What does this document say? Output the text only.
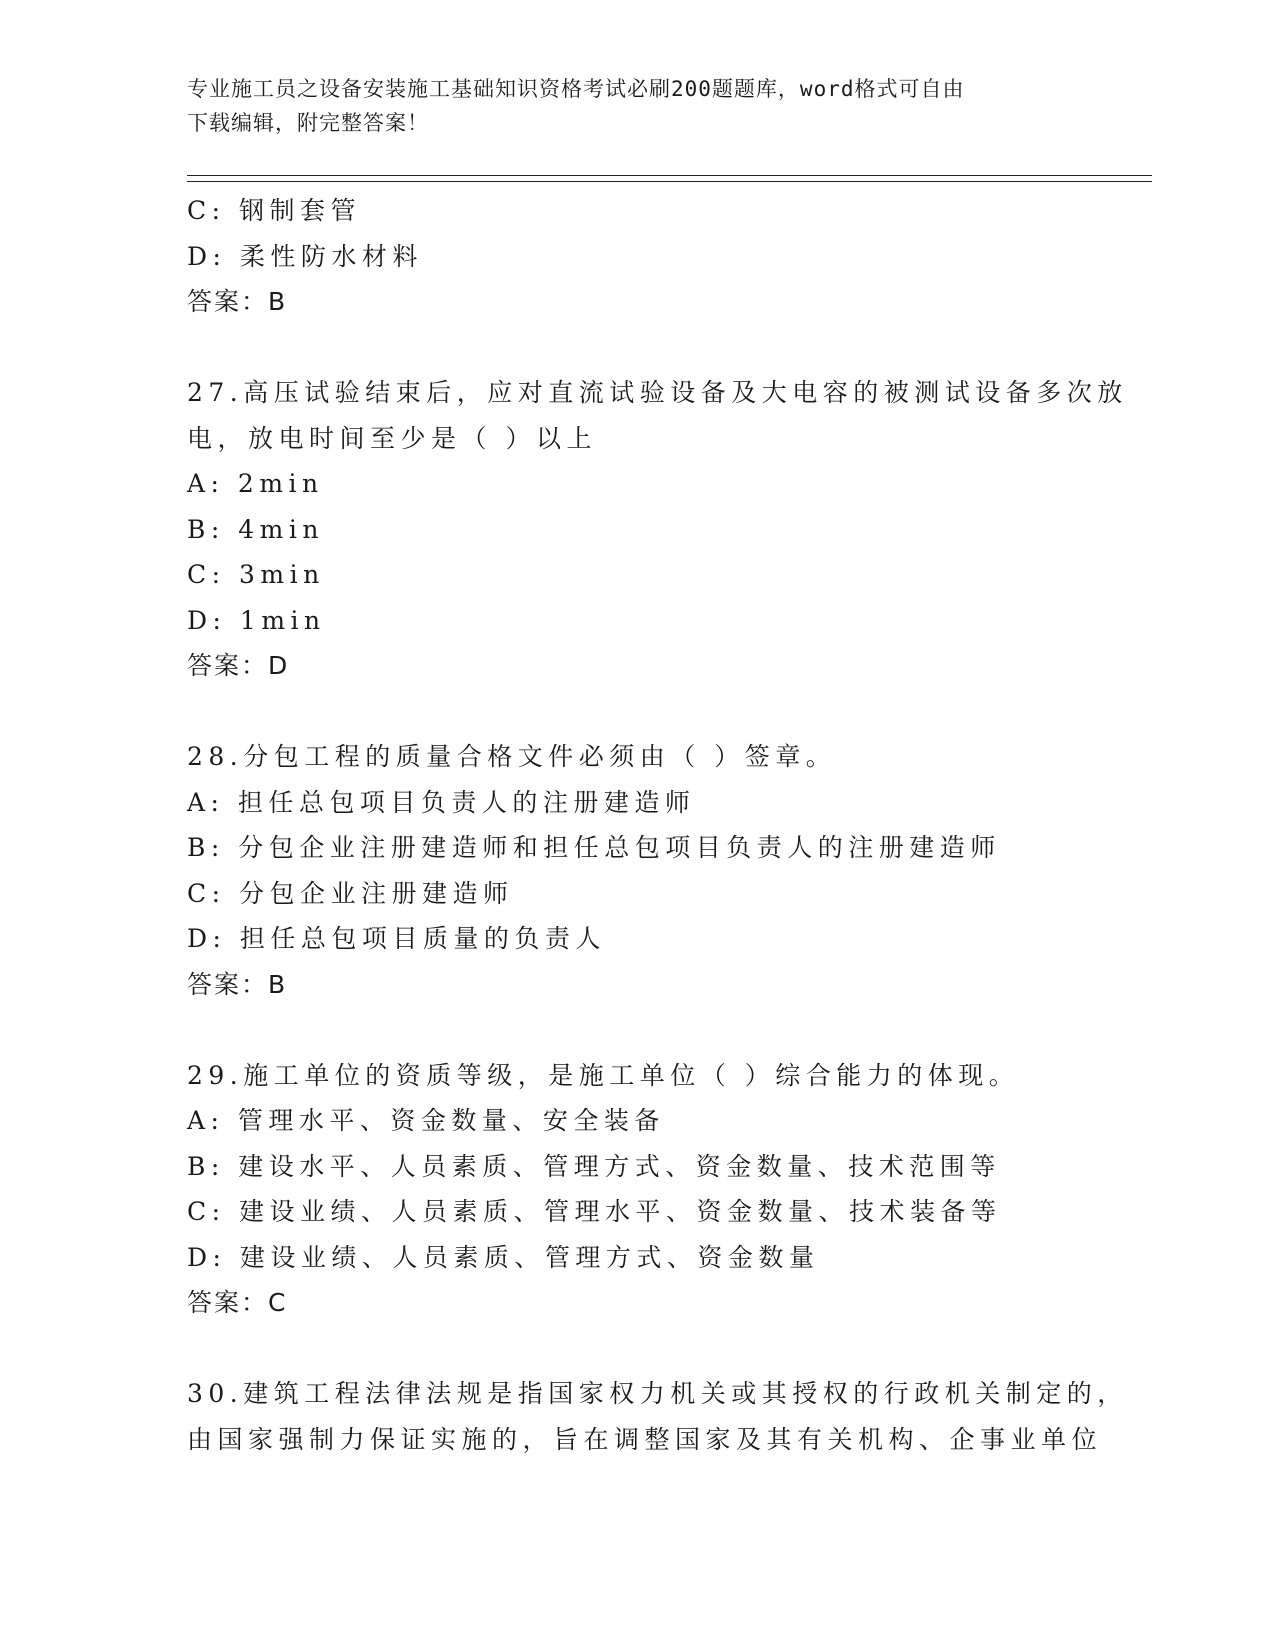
专业施工员之设备安装施工基础知识资格考试必刷200题题库，word格式可自由
下载编辑，附完整答案！
C: 钢制套管
D: 柔性防水材料
答案：B
27.高压试验结束后，应对直流试验设备及大电容的被测试设备多次放
电，放电时间至少是（ ）以上
A: 2min
B: 4min
C: 3min
D: 1min
答案：D
28.分包工程的质量合格文件必须由（ ）签章。
A: 担任总包项目负责人的注册建造师
B: 分包企业注册建造师和担任总包项目负责人的注册建造师
C: 分包企业注册建造师
D: 担任总包项目质量的负责人
答案：B
29.施工单位的资质等级，是施工单位（ ）综合能力的体现。
A: 管理水平、资金数量、安全装备
B: 建设水平、人员素质、管理方式、资金数量、技术范围等
C: 建设业绩、人员素质、管理水平、资金数量、技术装备等
D: 建设业绩、人员素质、管理方式、资金数量
答案：C
30.建筑工程法律法规是指国家权力机关或其授权的行政机关制定的，
由国家强制力保证实施的，旨在调整国家及其有关机构、企事业单位
